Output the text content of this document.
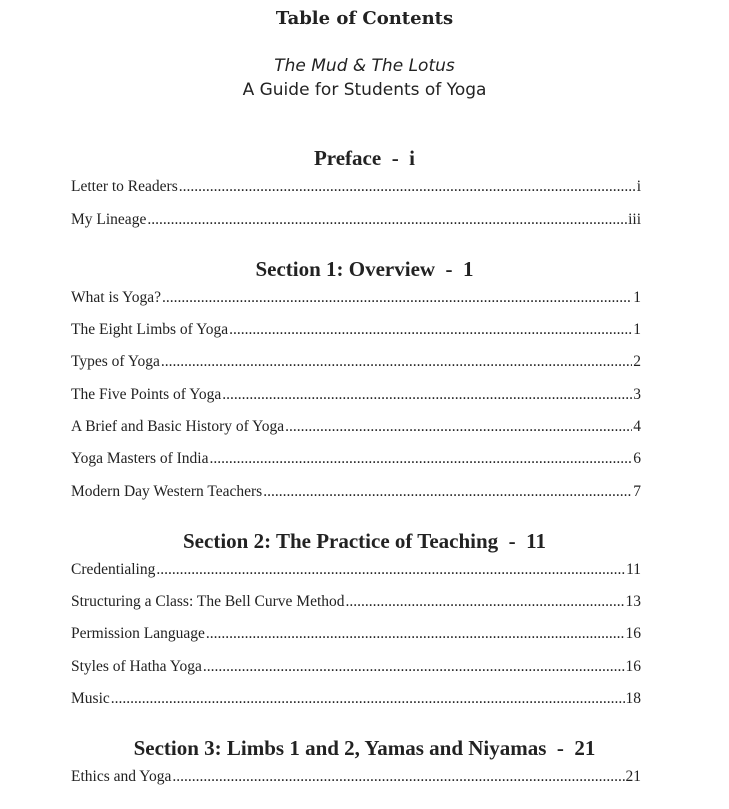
Table of Contents
The Mud & The Lotus
A Guide for Students of Yoga
Preface  -  i
Letter to Readers .....	i
My Lineage .....	iii
Section 1: Overview  -  1
What is Yoga? .....	1
The Eight Limbs of Yoga .....	1
Types of Yoga .....	2
The Five Points of Yoga .....	3
A Brief and Basic History of Yoga .....	4
Yoga Masters of India .....	6
Modern Day Western Teachers .....	7
Section 2: The Practice of Teaching  -  11
Credentialing .....	11
Structuring a Class: The Bell Curve Method .....	13
Permission Language .....	16
Styles of Hatha Yoga .....	16
Music .....	18
Section 3: Limbs 1 and 2, Yamas and Niyamas  -  21
Ethics and Yoga .....	21
